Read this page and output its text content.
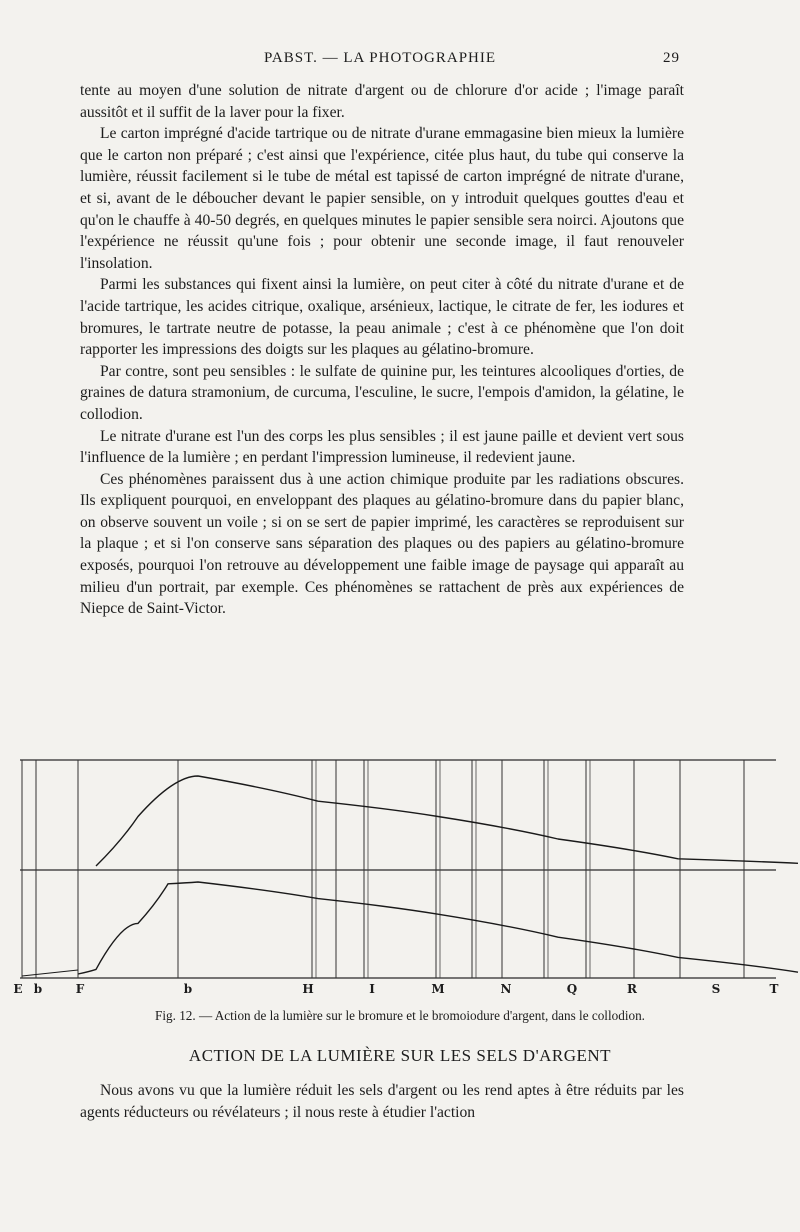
PABST. — LA PHOTOGRAPHIE	29

tente au moyen d'une solution de nitrate d'argent ou de chlorure d'or acide ; l'image paraît aussitôt et il suffit de la laver pour la fixer.

Le carton imprégné d'acide tartrique ou de nitrate d'urane emmagasine bien mieux la lumière que le carton non préparé ; c'est ainsi que l'expérience, citée plus haut, du tube qui conserve la lumière, réussit facilement si le tube de métal est tapissé de carton imprégné de nitrate d'urane, et si, avant de le déboucher devant le papier sensible, on y introduit quelques gouttes d'eau et qu'on le chauffe à 40-50 degrés, en quelques minutes le papier sensible sera noirci. Ajoutons que l'expérience ne réussit qu'une fois ; pour obtenir une seconde image, il faut renouveler l'insolation.

Parmi les substances qui fixent ainsi la lumière, on peut citer à côté du nitrate d'urane et de l'acide tartrique, les acides citrique, oxalique, arsénieux, lactique, le citrate de fer, les iodures et bromures, le tartrate neutre de potasse, la peau animale ; c'est à ce phénomène que l'on doit rapporter les impressions des doigts sur les plaques au gélatino-bromure.

Par contre, sont peu sensibles : le sulfate de quinine pur, les teintures alcooliques d'orties, de graines de datura stramonium, de curcuma, l'esculine, le sucre, l'empois d'amidon, la gélatine, le collodion.

Le nitrate d'urane est l'un des corps les plus sensibles ; il est jaune paille et devient vert sous l'influence de la lumière ; en perdant l'impression lumineuse, il redevient jaune.

Ces phénomènes paraissent dus à une action chimique produite par les radiations obscures. Ils expliquent pourquoi, en enveloppant des plaques au gélatino-bromure dans du papier blanc, on observe souvent un voile ; si on se sert de papier imprimé, les caractères se reproduisent sur la plaque ; et si l'on conserve sans séparation des plaques ou des papiers au gélatino-bromure exposés, pourquoi l'on retrouve au développement une faible image de paysage qui apparaît au milieu d'un portrait, par exemple. Ces phénomènes se rattachent de près aux expériences de Niepce de Saint-Victor.

E b	F	b	H	I	M	N	Q	R	S	T
Fig. 12. — Action de la lumière sur le bromure et le bromoiodure d'argent, dans le collodion.
ACTION DE LA LUMIÈRE SUR LES SELS D'ARGENT

Nous avons vu que la lumière réduit les sels d'argent ou les rend aptes à être réduits par les agents réducteurs ou révélateurs ; il nous reste à étudier l'action
